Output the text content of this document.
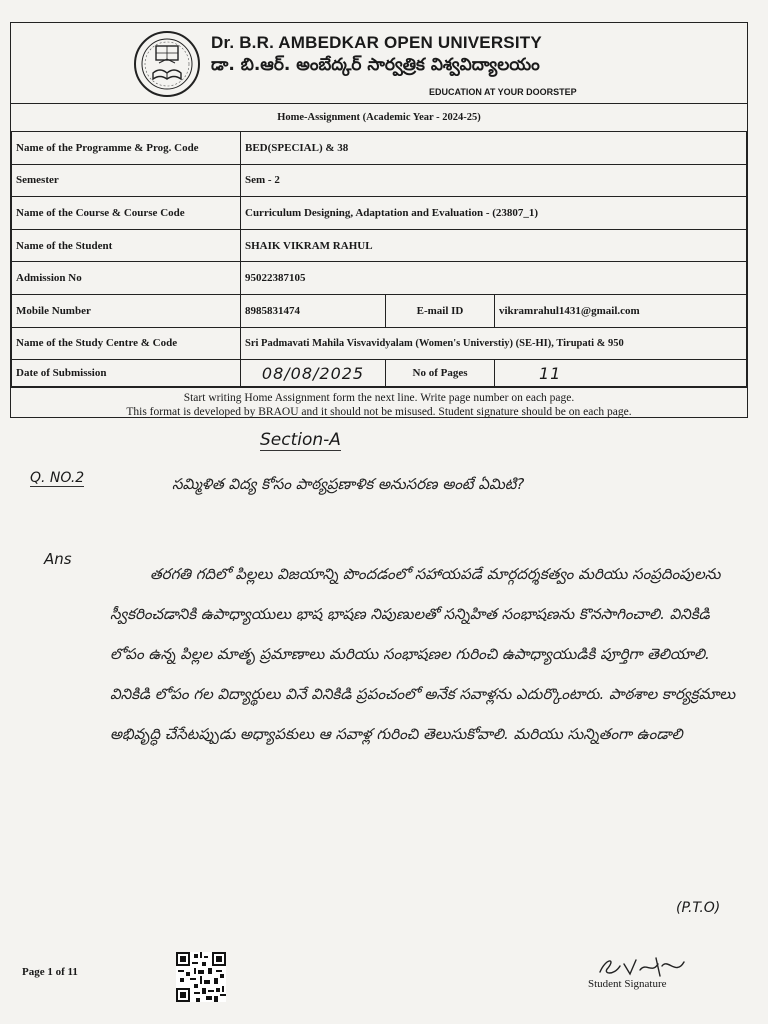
Dr. B.R. AMBEDKAR OPEN UNIVERSITY
డా. బి.ఆర్. అంబేద్కర్ సార్వత్రిక విశ్వవిద్యాలయం
EDUCATION AT YOUR DOORSTEP
Home-Assignment (Academic Year - 2024-25)
Name of the Programme & Prog. Code	BED(SPECIAL) & 38		
Semester	Sem - 2		
Name of the Course & Course Code	Curriculum Designing, Adaptation and Evaluation - (23807_1)		
Name of the Student	SHAIK VIKRAM RAHUL		
Admission No	95022387105		
Mobile Number	8985831474	E-mail ID	vikramrahul1431@gmail.com
Name of the Study Centre & Code	Sri Padmavati Mahila Visvavidyalam (Women's Universtiy) (SE-HI), Tirupati & 950		
Date of Submission	08/08/2025	No of Pages	11
Start writing Home Assignment form the next line. Write page number on each page.
This format is developed by BRAOU and it should not be misused. Student signature should be on each page.
Section-A
Q. NO.2	సమ్మిళిత విద్య కోసం పాఠ్యప్రణాళిక అనుసరణ అంటే ఏమిటి?
Ans
తరగతి గదిలో పిల్లలు విజయాన్ని పొందడంలో సహాయపడే మార్గదర్శకత్వం మరియు సంప్రదింపులను స్వీకరించడానికి ఉపాధ్యాయులు భాష భాషణ నిపుణులతో సన్నిహిత సంభాషణను కొనసాగించాలి. వినికిడి లోపం ఉన్న పిల్లల మాతృ ప్రమాణాలు మరియు సంభాషణల గురించి ఉపాధ్యాయుడికి పూర్తిగా తెలియాలి. వినికిడి లోపం గల విద్యార్థులు వినే వినికిడి ప్రపంచంలో అనేక సవాళ్లను ఎదుర్కొంటారు. పాఠశాల కార్యక్రమాలు అభివృద్ధి చేసేటప్పుడు అధ్యాపకులు ఆ సవాళ్ల గురించి తెలుసుకోవాలి. మరియు సున్నితంగా ఉండాలి
(P.T.O)
Page 1 of 11
Student Signature
